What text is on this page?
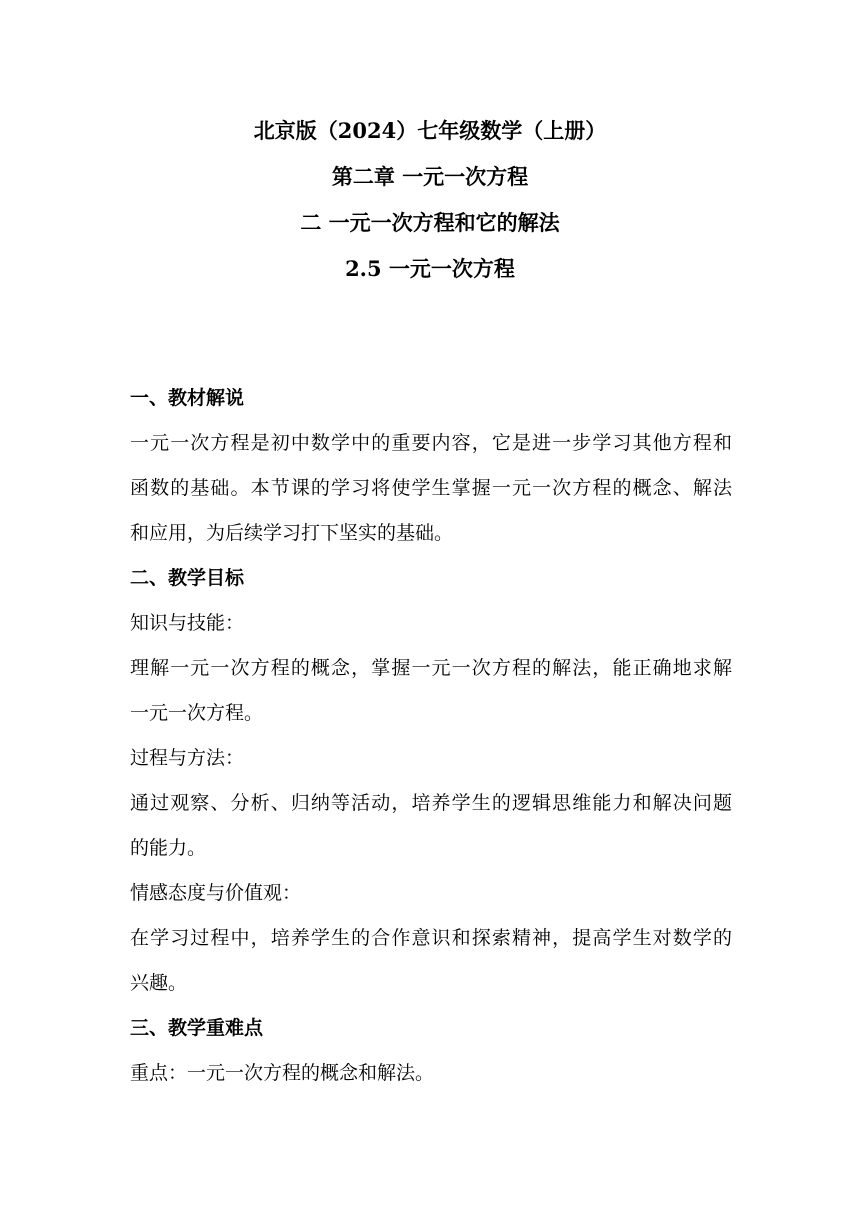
北京版（2024）七年级数学（上册）
第二章 一元一次方程
二 一元一次方程和它的解法
2.5 一元一次方程
一、教材解说
一元一次方程是初中数学中的重要内容，它是进一步学习其他方程和
函数的基础。本节课的学习将使学生掌握一元一次方程的概念、解法
和应用，为后续学习打下坚实的基础。
二、教学目标
知识与技能：
理解一元一次方程的概念，掌握一元一次方程的解法，能正确地求解
一元一次方程。
过程与方法：
通过观察、分析、归纳等活动，培养学生的逻辑思维能力和解决问题
的能力。
情感态度与价值观：
在学习过程中，培养学生的合作意识和探索精神，提高学生对数学的
兴趣。
三、教学重难点
重点：一元一次方程的概念和解法。
